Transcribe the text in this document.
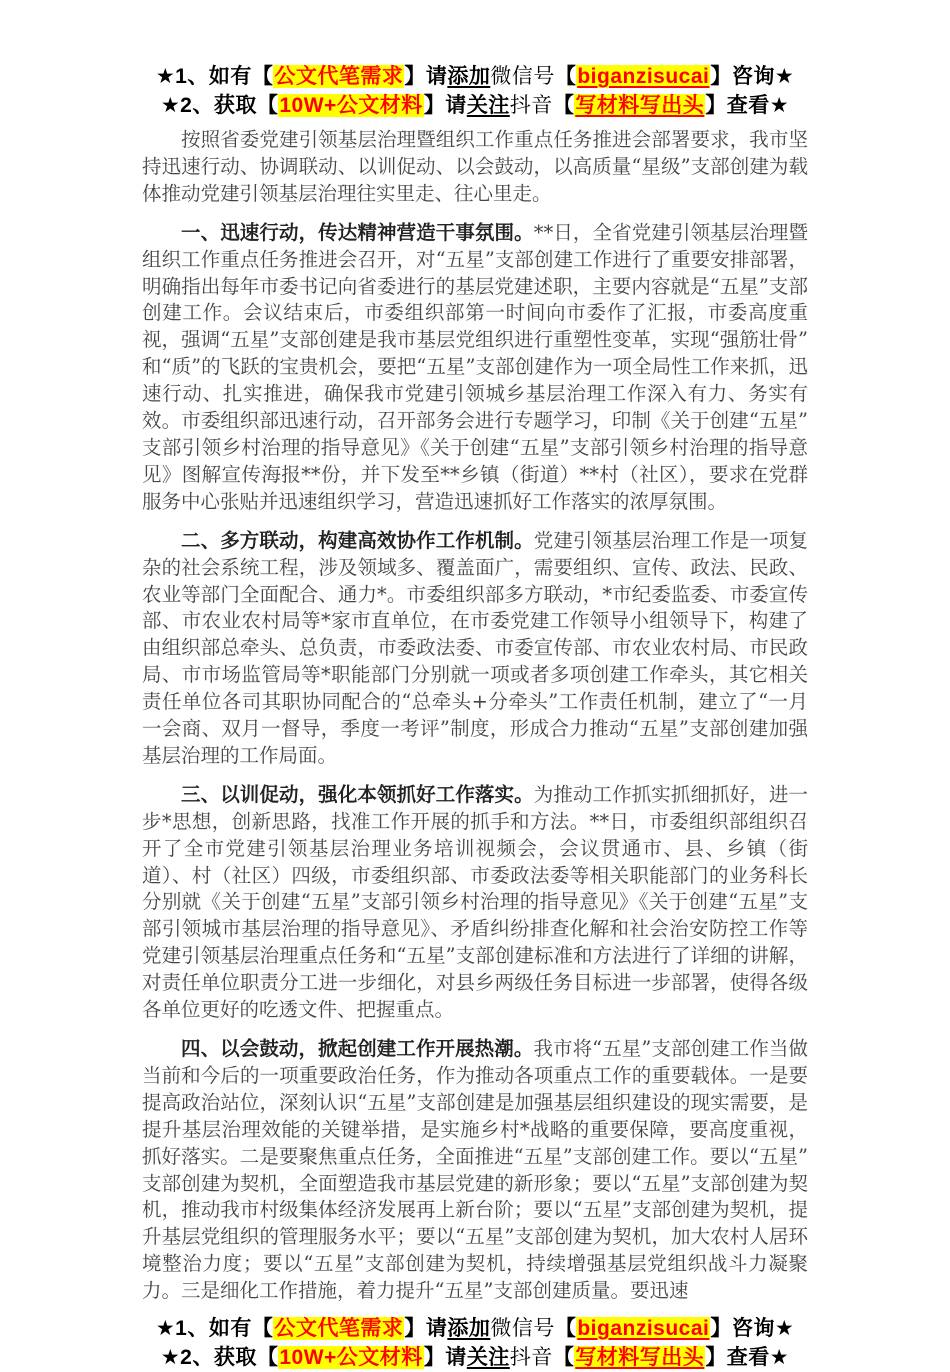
★1、如有【公文代笔需求】请添加微信号【biganzisucai】咨询★
★2、获取【10W+公文材料】请关注抖音【写材料写出头】查看★

按照省委党建引领基层治理暨组织工作重点任务推进会部署要求，我市坚持迅速行动、协调联动、以训促动、以会鼓动，以高质量“星级”支部创建为载体推动党建引领基层治理往实里走、往心里走。

一、迅速行动，传达精神营造干事氛围。**日，全省党建引领基层治理暨组织工作重点任务推进会召开，对“五星”支部创建工作进行了重要安排部署，明确指出每年市委书记向省委进行的基层党建述职，主要内容就是“五星”支部创建工作。会议结束后，市委组织部第一时间向市委作了汇报，市委高度重视，强调“五星”支部创建是我市基层党组织进行重塑性变革，实现“强筋壮骨”和“质”的飞跃的宝贵机会，要把“五星”支部创建作为一项全局性工作来抓，迅速行动、扎实推进，确保我市党建引领城乡基层治理工作深入有力、务实有效。市委组织部迅速行动，召开部务会进行专题学习，印制《关于创建“五星”支部引领乡村治理的指导意见》《关于创建“五星”支部引领乡村治理的指导意见》图解宣传海报**份，并下发至**乡镇（街道）**村（社区），要求在党群服务中心张贴并迅速组织学习，营造迅速抓好工作落实的浓厚氛围。

二、多方联动，构建高效协作工作机制。党建引领基层治理工作是一项复杂的社会系统工程，涉及领域多、覆盖面广，需要组织、宣传、政法、民政、农业等部门全面配合、通力*。市委组织部多方联动，*市纪委监委、市委宣传部、市农业农村局等*家市直单位，在市委党建工作领导小组领导下，构建了由组织部总牵头、总负责，市委政法委、市委宣传部、市农业农村局、市民政局、市市场监管局等*职能部门分别就一项或者多项创建工作牵头，其它相关责任单位各司其职协同配合的“总牵头+分牵头”工作责任机制，建立了“一月一会商、双月一督导，季度一考评”制度，形成合力推动“五星”支部创建加强基层治理的工作局面。

三、以训促动，强化本领抓好工作落实。为推动工作抓实抓细抓好，进一步*思想，创新思路，找准工作开展的抓手和方法。**日，市委组织部组织召开了全市党建引领基层治理业务培训视频会，会议贯通市、县、乡镇（街道）、村（社区）四级，市委组织部、市委政法委等相关职能部门的业务科长分别就《关于创建“五星”支部引领乡村治理的指导意见》《关于创建“五星”支部引领城市基层治理的指导意见》、矛盾纠纷排查化解和社会治安防控工作等党建引领基层治理重点任务和“五星”支部创建标准和方法进行了详细的讲解，对责任单位职责分工进一步细化，对县乡两级任务目标进一步部署，使得各级各单位更好的吃透文件、把握重点。

四、以会鼓动，掀起创建工作开展热潮。我市将“五星”支部创建工作当做当前和今后的一项重要政治任务，作为推动各项重点工作的重要载体。一是要提高政治站位，深刻认识“五星”支部创建是加强基层组织建设的现实需要，是提升基层治理效能的关键举措，是实施乡村*战略的重要保障，要高度重视，抓好落实。二是要聚焦重点任务，全面推进“五星”支部创建工作。要以“五星”支部创建为契机，全面塑造我市基层党建的新形象；要以“五星”支部创建为契机，推动我市村级集体经济发展再上新台阶；要以“五星”支部创建为契机，提升基层党组织的管理服务水平；要以“五星”支部创建为契机，加大农村人居环境整治力度；要以“五星”支部创建为契机，持续增强基层党组织战斗力凝聚力。三是细化工作措施，着力提升“五星”支部创建质量。要迅速

★1、如有【公文代笔需求】请添加微信号【biganzisucai】咨询★
★2、获取【10W+公文材料】请关注抖音【写材料写出头】查看★
